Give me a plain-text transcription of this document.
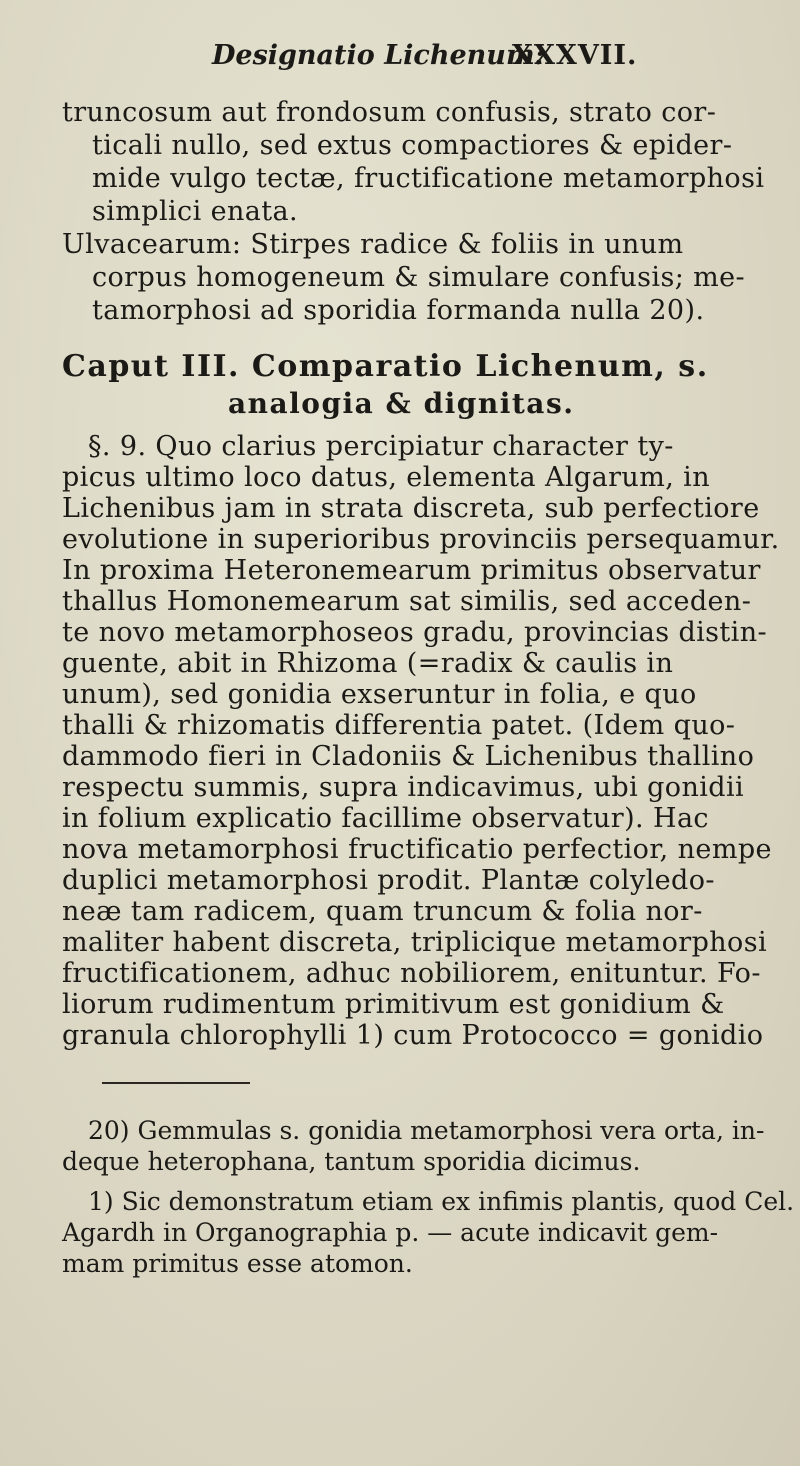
Designatio Lichenum:
XXXVII.
truncosum aut frondosum confusis, strato cor-
ticali nullo, sed extus compactiores & epider-
mide vulgo tectæ, fructificatione metamorphosi
simplici enata.
Ulvacearum: Stirpes radice & foliis in unum
corpus homogeneum & simulare confusis; me-
tamorphosi ad sporidia formanda nulla 20).
Caput III. Comparatio Lichenum, s.
analogia & dignitas.
§. 9. Quo clarius percipiatur character ty-
picus ultimo loco datus, elementa Algarum, in
Lichenibus jam in strata discreta, sub perfectiore
evolutione in superioribus provinciis persequamur.
In proxima Heteronemearum primitus observatur
thallus Homonemearum sat similis, sed acceden-
te novo metamorphoseos gradu, provincias distin-
guente, abit in Rhizoma (=radix & caulis in
unum), sed gonidia exseruntur in folia, e quo
thalli & rhizomatis differentia patet. (Idem quo-
dammodo fieri in Cladoniis & Lichenibus thallino
respectu summis, supra indicavimus, ubi gonidii
in folium explicatio facillime observatur). Hac
nova metamorphosi fructificatio perfectior, nempe
duplici metamorphosi prodit. Plantæ colyledo-
neæ tam radicem, quam truncum & folia nor-
maliter habent discreta, triplicique metamorphosi
fructificationem, adhuc nobiliorem, enituntur. Fo-
liorum rudimentum primitivum est gonidium &
granula chlorophylli 1) cum Protococco = gonidio
20) Gemmulas s. gonidia metamorphosi vera orta, in-
deque heterophana, tantum sporidia dicimus.
1) Sic demonstratum etiam ex infimis plantis, quod Cel.
Agardh in Organographia p. — acute indicavit gem-
mam primitus esse atomon.
